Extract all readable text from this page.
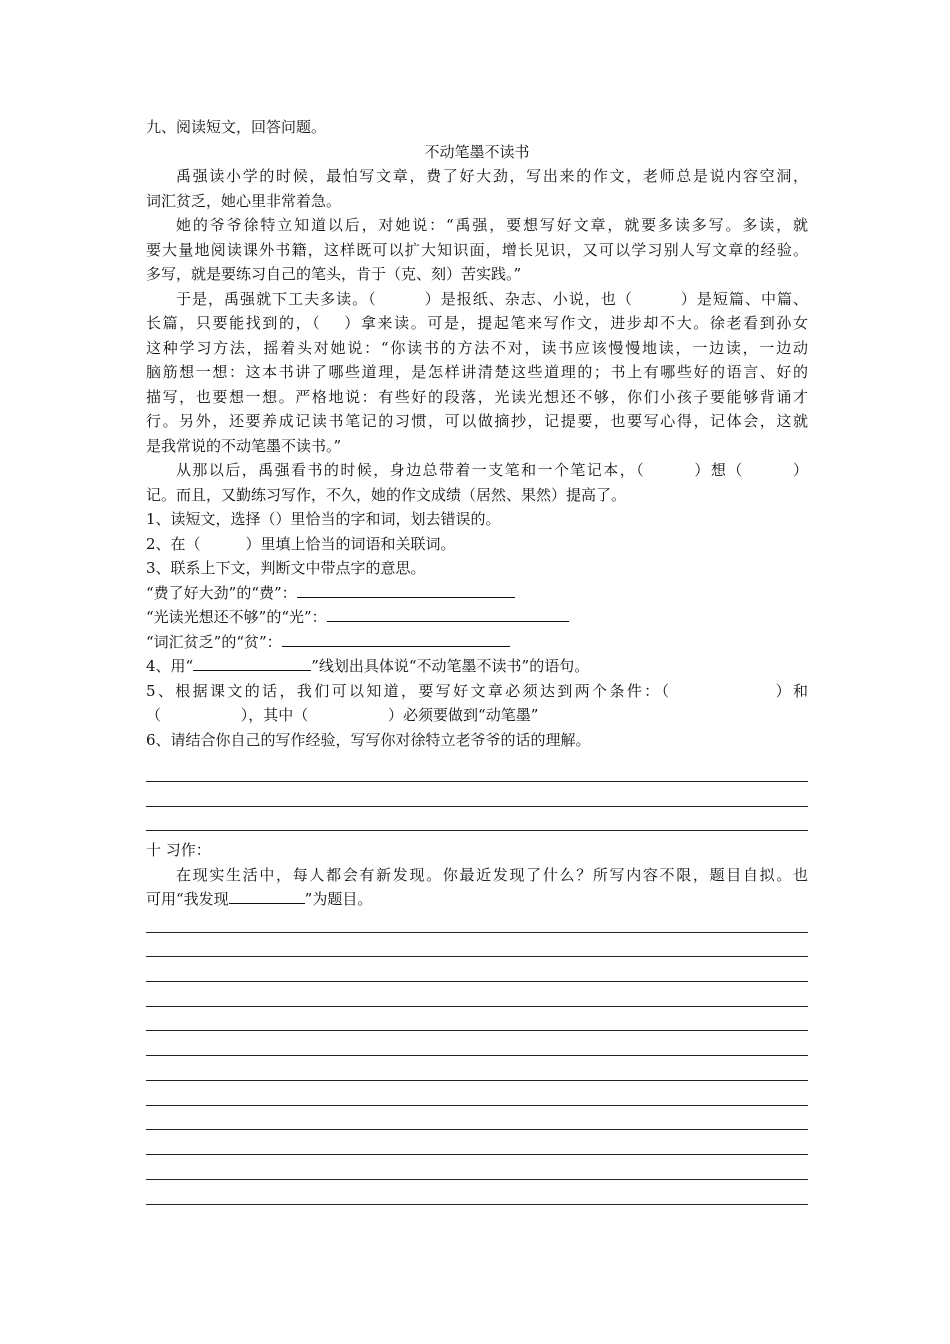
九、阅读短文，回答问题。
不动笔墨不读书
禹强读小学的时候，最怕写文章，费了好大劲，写出来的作文，老师总是说内容空洞，
词汇贫乏，她心里非常着急。
她的爷爷徐特立知道以后，对她说：“禹强，要想写好文章，就要多读多写。多读，就
要大量地阅读课外书籍，这样既可以扩大知识面，增长见识，又可以学习别人写文章的经验。
多写，就是要练习自己的笔头，肯于（克、刻）苦实践。”
于是，禹强就下工夫多读。（　　　）是报纸、杂志、小说，也（　　　）是短篇、中篇、
长篇，只要能找到的，（　 ）拿来读。可是，提起笔来写作文，进步却不大。徐老看到孙女
这种学习方法，摇着头对她说：“你读书的方法不对，读书应该慢慢地读，一边读，一边动
脑筋想一想：这本书讲了哪些道理，是怎样讲清楚这些道理的；书上有哪些好的语言、好的
描写，也要想一想。严格地说：有些好的段落，光读光想还不够，你们小孩子要能够背诵才
行。另外，还要养成记读书笔记的习惯，可以做摘抄，记提要，也要写心得，记体会，这就
是我常说的不动笔墨不读书。”
从那以后，禹强看书的时候，身边总带着一支笔和一个笔记本，（　　　）想（　　　）
记。而且，又勤练习写作，不久，她的作文成绩（居然、果然）提高了。
1、读短文，选择（）里恰当的字和词，划去错误的。
2、在（　　　）里填上恰当的词语和关联词。
3、联系上下文，判断文中带点字的意思。
“费了好大劲”的“费”：
“光读光想还不够”的“光”：
“词汇贫乏”的“贫”：
4、用“	”线划出具体说“不动笔墨不读书”的语句。
5、根据课文的话，我们可以知道，要写好文章必须达到两个条件：（　　　　　　）和
（　　　　　 ），其中（　　　　　 ）必须要做到“动笔墨”
6、请结合你自己的写作经验，写写你对徐特立老爷爷的话的理解。
十 习作：
在现实生活中，每人都会有新发现。你最近发现了什么？所写内容不限，题目自拟。也
可用“我发现	”为题目。
